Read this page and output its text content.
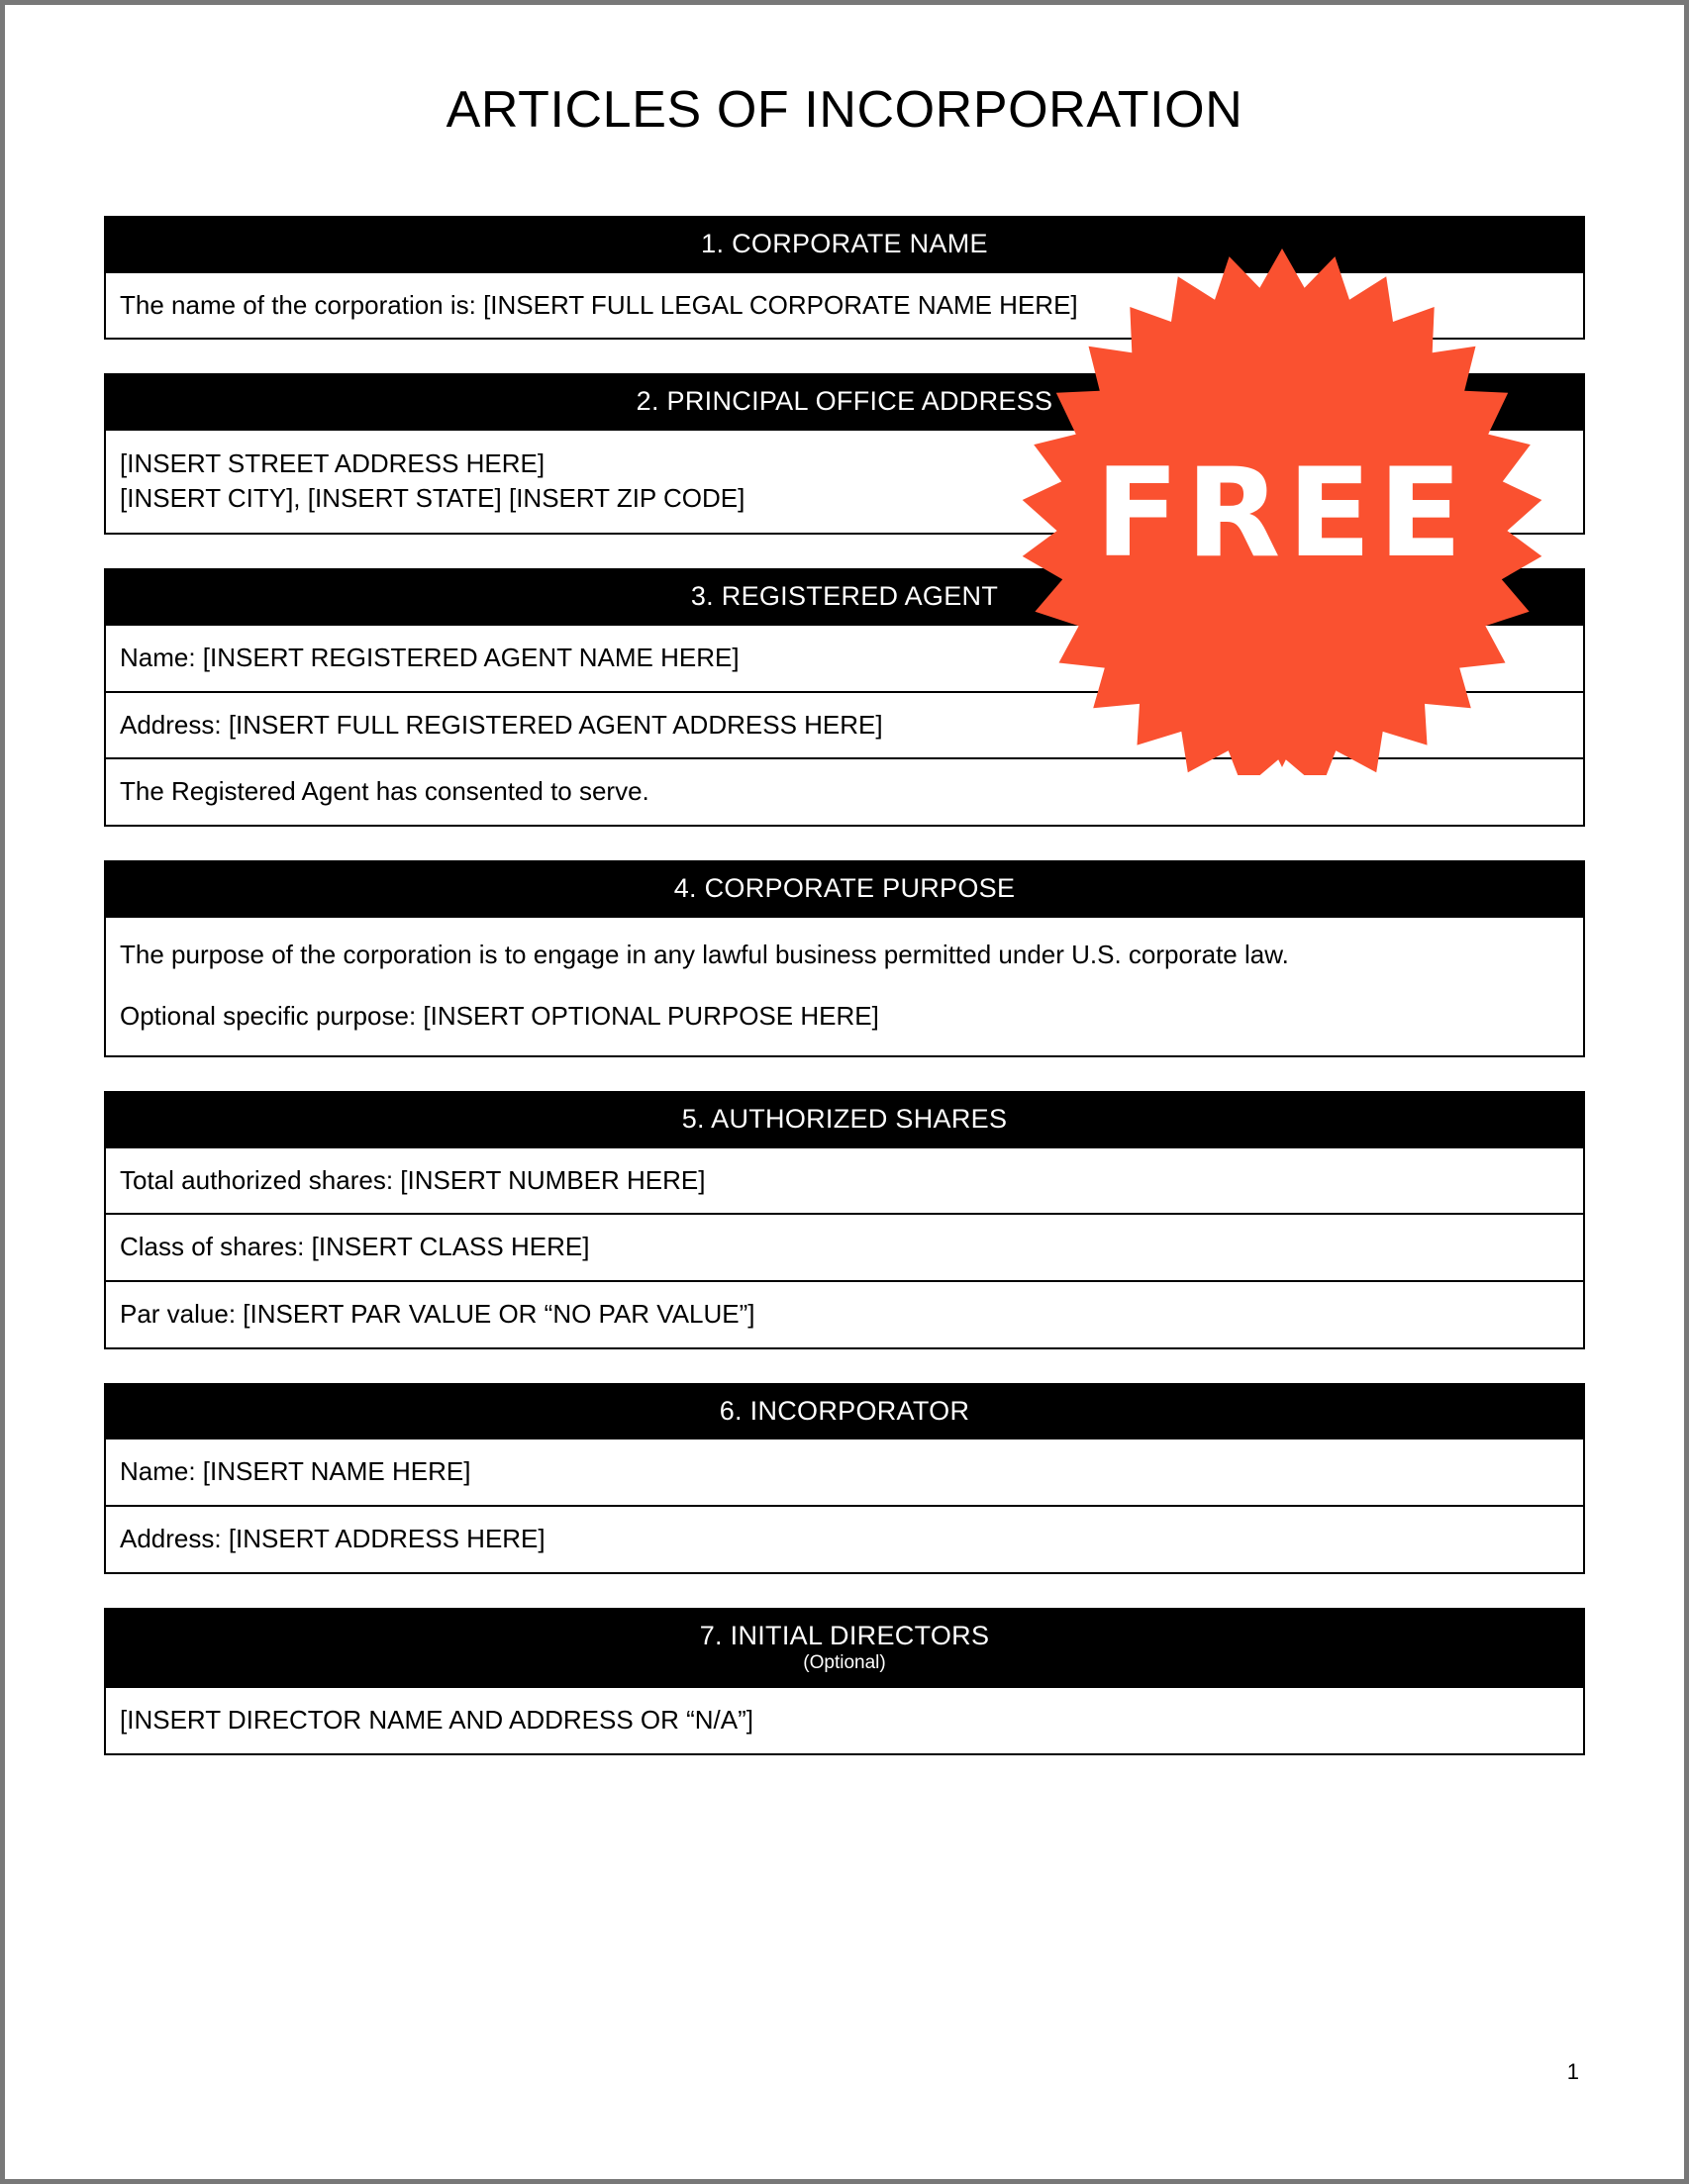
ARTICLES OF INCORPORATION
1. CORPORATE NAME
The name of the corporation is: [INSERT FULL LEGAL CORPORATE NAME HERE]
2. PRINCIPAL OFFICE ADDRESS
[INSERT STREET ADDRESS HERE]
[INSERT CITY], [INSERT STATE] [INSERT ZIP CODE]
3. REGISTERED AGENT
Name: [INSERT REGISTERED AGENT NAME HERE]
Address: [INSERT FULL REGISTERED AGENT ADDRESS HERE]
The Registered Agent has consented to serve.
4. CORPORATE PURPOSE
The purpose of the corporation is to engage in any lawful business permitted under U.S. corporate law.
Optional specific purpose: [INSERT OPTIONAL PURPOSE HERE]
5. AUTHORIZED SHARES
Total authorized shares: [INSERT NUMBER HERE]
Class of shares: [INSERT CLASS HERE]
Par value: [INSERT PAR VALUE OR “NO PAR VALUE”]
6. INCORPORATOR
Name: [INSERT NAME HERE]
Address: [INSERT ADDRESS HERE]
7. INITIAL DIRECTORS
(Optional)
[INSERT DIRECTOR NAME AND ADDRESS OR “N/A”]
FREE
1
